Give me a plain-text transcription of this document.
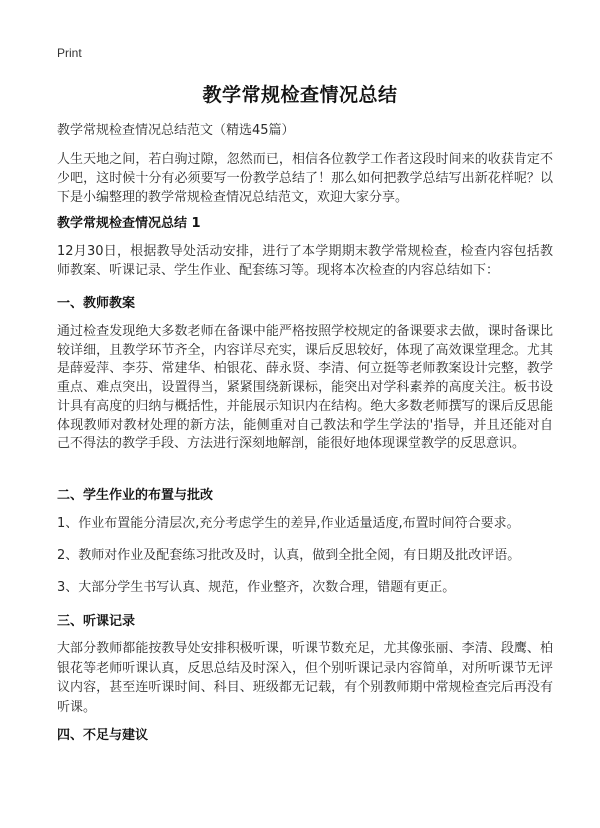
Print
教学常规检查情况总结

教学常规检查情况总结范文（精选45篇）

人生天地之间，若白驹过隙，忽然而已，相信各位教学工作者这段时间来的收获肯定不少吧，这时候十分有必须要写一份教学总结了！那么如何把教学总结写出新花样呢？以下是小编整理的教学常规检查情况总结范文，欢迎大家分享。

教学常规检查情况总结 1

12月30日，根据教导处活动安排，进行了本学期期末教学常规检查，检查内容包括教师教案、听课记录、学生作业、配套练习等。现将本次检查的内容总结如下：

一、教师教案

通过检查发现绝大多数老师在备课中能严格按照学校规定的备课要求去做，课时备课比较详细，且教学环节齐全，内容详尽充实，课后反思较好，体现了高效课堂理念。尤其是薛爱萍、李芬、常建华、柏银花、薛永贤、李清、何立挺等老师教案设计完整，教学重点、难点突出，设置得当，紧紧围绕新课标，能突出对学科素养的高度关注。板书设计具有高度的归纳与概括性，并能展示知识内在结构。绝大多数老师撰写的课后反思能体现教师对教材处理的新方法，能侧重对自己教法和学生学法的'指导，并且还能对自己不得法的教学手段、方法进行深刻地解剖，能很好地体现课堂教学的反思意识。

二、学生作业的布置与批改

1、作业布置能分清层次,充分考虑学生的差异,作业适量适度,布置时间符合要求。

2、教师对作业及配套练习批改及时，认真，做到全批全阅，有日期及批改评语。

3、大部分学生书写认真、规范，作业整齐，次数合理，错题有更正。

三、听课记录

大部分教师都能按教导处安排积极听课，听课节数充足，尤其像张丽、李清、段鹰、柏银花等老师听课认真，反思总结及时深入，但个别听课记录内容简单，对所听课节无评议内容，甚至连听课时间、科目、班级都无记载，有个别教师期中常规检查完后再没有听课。

四、不足与建议
